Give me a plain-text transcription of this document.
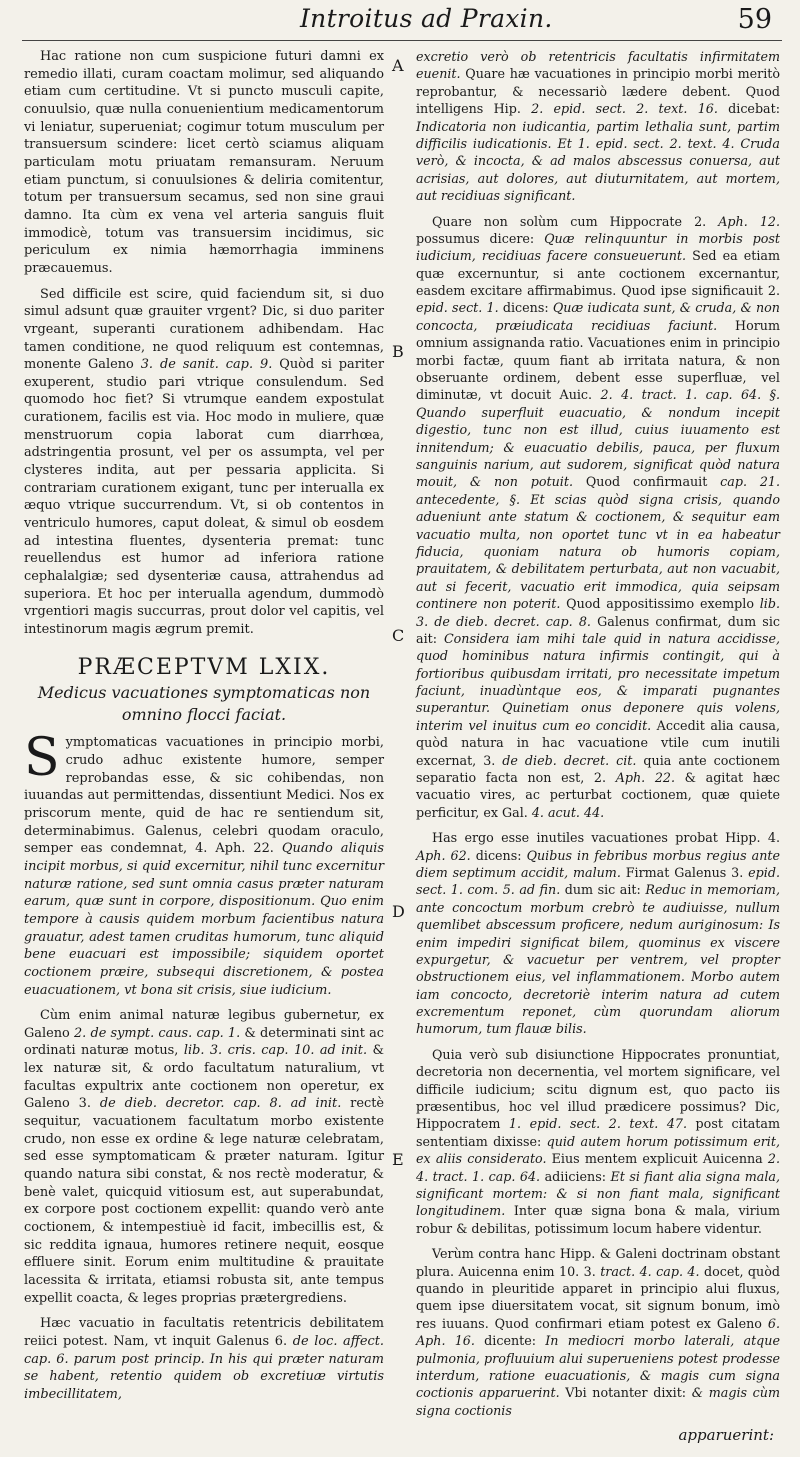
Introitus ad Praxin.	59

Hac ratione non cum suspicione futuri damni ex remedio illati, curam coactam molimur, sed aliquando etiam cum certitudine. Vt si puncto musculi capite, conuulsio, quæ nulla conuenientium medicamentorum vi leniatur, superueniat; cogimur totum musculum per transuersum scindere: licet certò sciamus aliquam particulam motu priuatam remansuram. Neruum etiam punctum, si conuulsiones & deliria comitentur, totum per transuersum secamus, sed non sine graui damno. Ita cùm ex vena vel arteria sanguis fluit immodicè, totum vas transuersim incidimus, sic periculum ex nimia hæmorrhagia imminens præcauemus.

Sed difficile est scire, quid faciendum sit, si duo simul adsunt quæ grauiter vrgent? Dic, si duo pariter vrgeant, superanti curationem adhibendam. Hac tamen conditione, ne quod reliquum est contemnas, monente Galeno 3. de sanit. cap. 9. Quòd si pariter exuperent, studio pari vtrique consulendum. Sed quomodo hoc fiet? Si vtrumque eandem expostulat curationem, facilis est via. Hoc modo in muliere, quæ menstruorum copia laborat cum diarrhœa, adstringentia prosunt, vel per os assumpta, vel per clysteres indita, aut per pessaria applicita. Si contrariam curationem exigant, tunc per interualla ex æquo vtrique succurrendum. Vt, si ob contentos in ventriculo humores, caput doleat, & simul ob eosdem ad intestina fluentes, dysenteria premat: tunc reuellendus est humor ad inferiora ratione cephalalgiæ; sed dysenteriæ causa, attrahendus ad superiora. Et hoc per interualla agendum, dummodò vrgentiori magis succurras, prout dolor vel capitis, vel intestinorum magis ægrum premit.

PRÆCEPTVM LXIX.
Medicus vacuationes symptomaticas non omnino flocci faciat.

Symptomaticas vacuationes in principio morbi, crudo adhuc existente humore, semper reprobandas esse, & sic cohibendas, non iuuandas aut permittendas, dissentiunt Medici. Nos ex priscorum mente, quid de hac re sentiendum sit, determinabimus. Galenus, celebri quodam oraculo, semper eas condemnat, 4. Aph. 22. Quando aliquis incipit morbus, si quid excernitur, nihil tunc excernitur naturæ ratione, sed sunt omnia casus præter naturam earum, quæ sunt in corpore, dispositionum. Quo enim tempore à causis quidem morbum facientibus natura grauatur, adest tamen cruditas humorum, tunc aliquid bene euacuari est impossibile; siquidem oportet coctionem præire, subsequi discretionem, & postea euacuationem, vt bona sit crisis, siue iudicium.

Cùm enim animal naturæ legibus gubernetur, ex Galeno 2. de sympt. caus. cap. 1. & determinati sint ac ordinati naturæ motus, lib. 3. cris. cap. 10. ad init. & lex naturæ sit, & ordo facultatum naturalium, vt facultas expultrix ante coctionem non operetur, ex Galeno 3. de dieb. decretor. cap. 8. ad init. rectè sequitur, vacuationem facultatum morbo existente crudo, non esse ex ordine & lege naturæ celebratam, sed esse symptomaticam & præter naturam. Igitur quando natura sibi constat, & nos rectè moderatur, & benè valet, quicquid vitiosum est, aut superabundat, ex corpore post coctionem expellit: quando verò ante coctionem, & intempestiuè id facit, imbecillis est, & sic reddita ignaua, humores retinere nequit, eosque effluere sinit. Eorum enim multitudine & prauitate lacessita & irritata, etiamsi robusta sit, ante tempus expellit coacta, & leges proprias prætergrediens.

Hæc vacuatio in facultatis retentricis debilitatem reiici potest. Nam, vt inquit Galenus 6. de loc. affect. cap. 6. parum post princip. In his qui præter naturam se habent, retentio quidem ob excretiuæ virtutis imbecillitatem,

A
B
C
D
E

excretio verò ob retentricis facultatis infirmitatem euenit. Quare hæ vacuationes in principio morbi meritò reprobantur, & necessariò lædere debent. Quod intelligens Hip. 2. epid. sect. 2. text. 16. dicebat: Indicatoria non iudicantia, partim lethalia sunt, partim difficilis iudicationis. Et 1. epid. sect. 2. text. 4. Cruda verò, & incocta, & ad malos abscessus conuersa, aut acrisias, aut dolores, aut diuturnitatem, aut mortem, aut recidiuas significant.

Quare non solùm cum Hippocrate 2. Aph. 12. possumus dicere: Quæ relinquuntur in morbis post iudicium, recidiuas facere consueuerunt. Sed ea etiam quæ excernuntur, si ante coctionem excernantur, easdem excitare affirmabimus. Quod ipse significauit 2. epid. sect. 1. dicens: Quæ iudicata sunt, & cruda, & non concocta, præiudicata recidiuas faciunt. Horum omnium assignanda ratio. Vacuationes enim in principio morbi factæ, quum fiant ab irritata natura, & non obseruante ordinem, debent esse superfluæ, vel diminutæ, vt docuit Auic. 2. 4. tract. 1. cap. 64. §. Quando superfluit euacuatio, & nondum incepit digestio, tunc non est illud, cuius iuuamento est innitendum; & euacuatio debilis, pauca, per fluxum sanguinis narium, aut sudorem, significat quòd natura mouit, & non potuit. Quod confirmauit cap. 21. antecedente, §. Et scias quòd signa crisis, quando adueniunt ante statum & coctionem, & sequitur eam vacuatio multa, non oportet tunc vt in ea habeatur fiducia, quoniam natura ob humoris copiam, prauitatem, & debilitatem perturbata, aut non vacuabit, aut si fecerit, vacuatio erit immodica, quia seipsam continere non poterit. Quod appositissimo exemplo lib. 3. de dieb. decret. cap. 8. Galenus confirmat, dum sic ait: Considera iam mihi tale quid in natura accidisse, quod hominibus natura infirmis contingit, qui à fortioribus quibusdam irritati, pro necessitate impetum faciunt, inuadùntque eos, & imparati pugnantes superantur. Quinetiam onus deponere quis volens, interim vel inuitus cum eo concidit. Accedit alia causa, quòd natura in hac vacuatione vtile cum inutili excernat, 3. de dieb. decret. cit. quia ante coctionem separatio facta non est, 2. Aph. 22. & agitat hæc vacuatio vires, ac perturbat coctionem, quæ quiete perficitur, ex Gal. 4. acut. 44.

Has ergo esse inutiles vacuationes probat Hipp. 4. Aph. 62. dicens: Quibus in febribus morbus regius ante diem septimum accidit, malum. Firmat Galenus 3. epid. sect. 1. com. 5. ad fin. dum sic ait: Reduc in memoriam, ante concoctum morbum crebrò te audiuisse, nullum quemlibet abscessum proficere, nedum auriginosum: Is enim impediri significat bilem, quominus ex viscere expurgetur, & vacuetur per ventrem, vel propter obstructionem eius, vel inflammationem. Morbo autem iam concocto, decretoriè interim natura ad cutem excrementum reponet, cùm quorundam aliorum humorum, tum flauæ bilis.

Quia verò sub disiunctione Hippocrates pronuntiat, decretoria non decernentia, vel mortem significare, vel difficile iudicium; scitu dignum est, quo pacto iis præsentibus, hoc vel illud prædicere possimus? Dic, Hippocratem 1. epid. sect. 2. text. 47. post citatam sententiam dixisse: quid autem horum potissimum erit, ex aliis considerato. Eius mentem explicuit Auicenna 2. 4. tract. 1. cap. 64. adiiciens: Et si fiant alia signa mala, significant mortem: & si non fiant mala, significant longitudinem. Inter quæ signa bona & mala, virium robur & debilitas, potissimum locum habere videntur.

Verùm contra hanc Hipp. & Galeni doctrinam obstant plura. Auicenna enim 10. 3. tract. 4. cap. 4. docet, quòd quando in pleuritide apparet in principio alui fluxus, quem ipse diuersitatem vocat, sit signum bonum, imò res iuuans. Quod confirmari etiam potest ex Galeno 6. Aph. 16. dicente: In mediocri morbo laterali, atque pulmonia, profluuium alui superueniens potest prodesse interdum, ratione euacuationis, & magis cum signa coctionis apparuerint. Vbi notanter dixit: & magis cùm signa coctionis

apparuerint:
